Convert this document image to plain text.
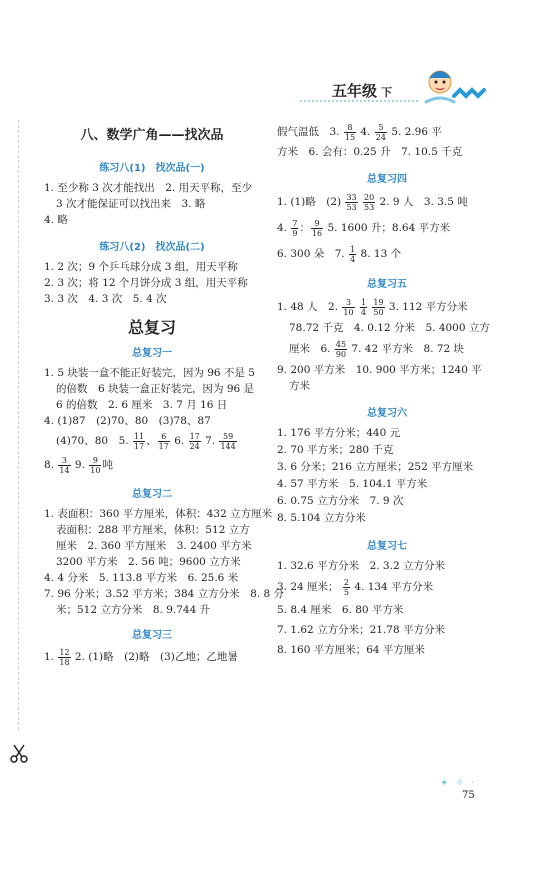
五年级 下
八、数学广角——找次品
练习八(1)　找次品(一)
1. 至少称 3 次才能找出　2. 用天平称，至少
3 次才能保证可以找出来　3. 略
4. 略
练习八(2)　找次品(二)
1. 2 次；9 个乒乓球分成 3 组，用天平称
2. 3 次；将 12 个月饼分成 3 组，用天平称
3. 3 次　4. 3 次　5. 4 次
总复习
总复习一
1. 5 块装一盒不能正好装完，因为 96 不是 5
的倍数　6 块装一盒正好装完，因为 96 是
6 的倍数　2. 6 厘米　3. 7 月 16 日
4. (1)87　(2)70、80　(3)78、87
(4)70、80　5. $\frac{11}{17}$ 、 $\frac{6}{17} 6$. $\frac{17}{24} 7$. $\frac{59}{144}$
8. $\frac{3}{14} 9$. $\frac{9}{10}$ 吨
总复习二
1. 表面积：360 平方厘米，体积：432 立方厘米
表面积：288 平方厘米，体积：512 立方
厘米　2. 360 平方厘米　3. 2400 平方米
3200 平方米　2. 56 吨；9600 立方米
4. 4 分米　5. 113.8 平方米　6. 25.6 米
7. 96 分米；3.52 平方米；384 立方分米　8. 8 分
米；512 立方分米　8. 9.744 升
总复习三
1. $\frac{12}{18} 2$. (1)略　(2)略　(3)乙地；乙地暑
假气温低　3. $\frac{8}{15} 4$. $\frac{5}{24} 5$. 2.96 平
方米　6. 会有：0.25 升　7. 10.5 千克
总复习四
1. (1)略　$(2) \frac{33}{53}$
$\frac{20}{53} 2$. 9 人　3. 3.5 吨
4. $\frac{7}{9}$ ： $\frac{9}{16} 5$. 1600 升；8.64 平方米
6. 300 朵　7. $\frac{1}{4} 8$. 13 个
总复习五
1. 48 人　2. $\frac{3}{10}$
$\frac{1}{4}$
$\frac{19}{50} 3$. 112 平方分米
78.72 千克　4. 0.12 分米　5. 4000 立方
厘米　6. $\frac{45}{90} 7$. 42 平方米　8. 72 块
9. 200 平方米　10. 900 平方米；1240 平
方米
总复习六
1. 176 平方分米；440 元
2. 70 平方米；280 千克
3. 6 分米；216 立方厘米；252 平方厘米
4. 57 平方米　5. 104.1 平方米
6. 0.75 立方分米　7. 9 次
8. 5.104 立方分米
总复习七
1. 32.6 平方分米　2. 3.2 立方分米
3. 24 厘米； $\frac{2}{5} 4$. 134 平方分米
5. 8.4 厘米　6. 80 平方米
7. 1.62 立方分米；21.78 平方分米
8. 160 平方厘米；64 平方厘米
✦ ✧ ·
75
